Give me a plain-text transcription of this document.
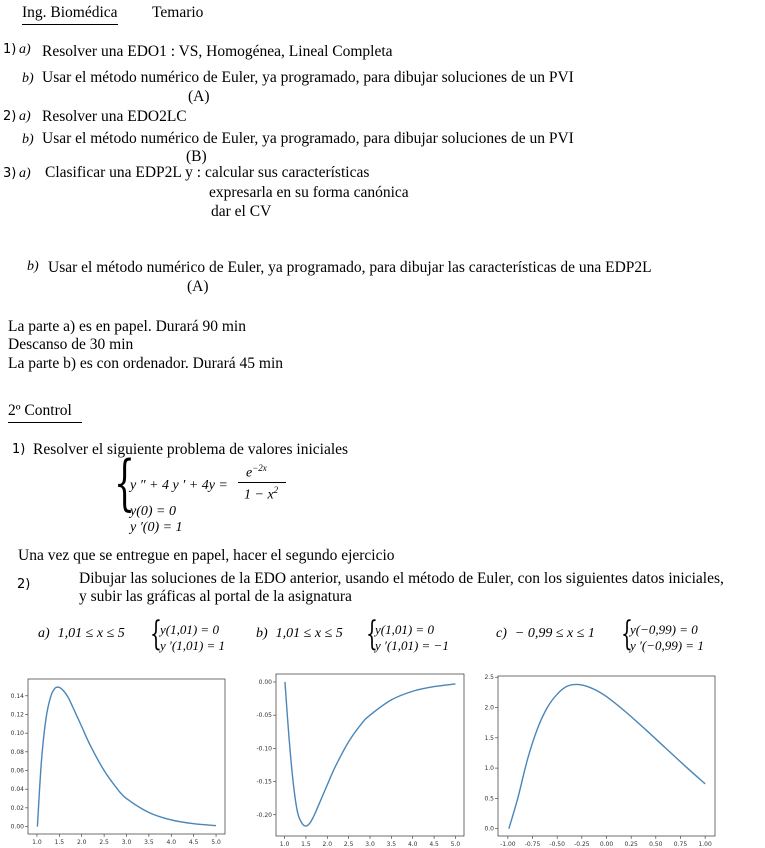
Ing. Biomédica Temario
1) a) Resolver una EDO1 : VS, Homogénea, Lineal Completa
b) Usar el método numérico de Euler, ya programado, para dibujar soluciones de un PVI
(A)
2) a) Resolver una EDO2LC
b) Usar el método numérico de Euler, ya programado, para dibujar soluciones de un PVI
(B)
3) a) Clasificar una EDP2L y : calcular sus características
expresarla en su forma canónica
dar el CV
b) Usar el método numérico de Euler, ya programado, para dibujar las características de una EDP2L
(A)
La parte a) es en papel. Durará 90 min
Descanso de 30 min
La parte b) es con ordenador. Durará 45 min
2º Control
1) Resolver el siguiente problema de valores iniciales
{
y ″ + 4 y ′ + 4y =
$e^{-2x}$
$1 - x^2$
y(0) = 0
y ′(0) = 1
Una vez que se entregue en papel, hacer el segundo ejercicio
2)	Dibujar las soluciones de la EDO anterior, usando el método de Euler, con los siguientes datos iniciales,
y subir las gráficas al portal de la asignatura
a) 1,01 ≤ x ≤ 5 {
y(1,01) = 0
y ′(1,01) = 1
b) 1,01 ≤ x ≤ 5 {
y(1,01) = 0
y ′(1,01) = −1
c) − 0,99 ≤ x ≤ 1 {
y(−0,99) = 0
y ′(−0,99) = 1
1.0 1.5 2.0 2.5 3.0 3.5 4.0 4.5 5.0
0.00
0.02
0.04
0.06
0.08
0.10
0.12
0.14
1.0 1.5 2.0 2.5 3.0 3.5 4.0 4.5 5.0
0.00
-0.05
-0.10
-0.15
-0.20
-1.00 -0.75 -0.50 -0.25 0.00 0.25 0.50 0.75 1.00
0.0
0.5
1.0
1.5
2.0
2.5
